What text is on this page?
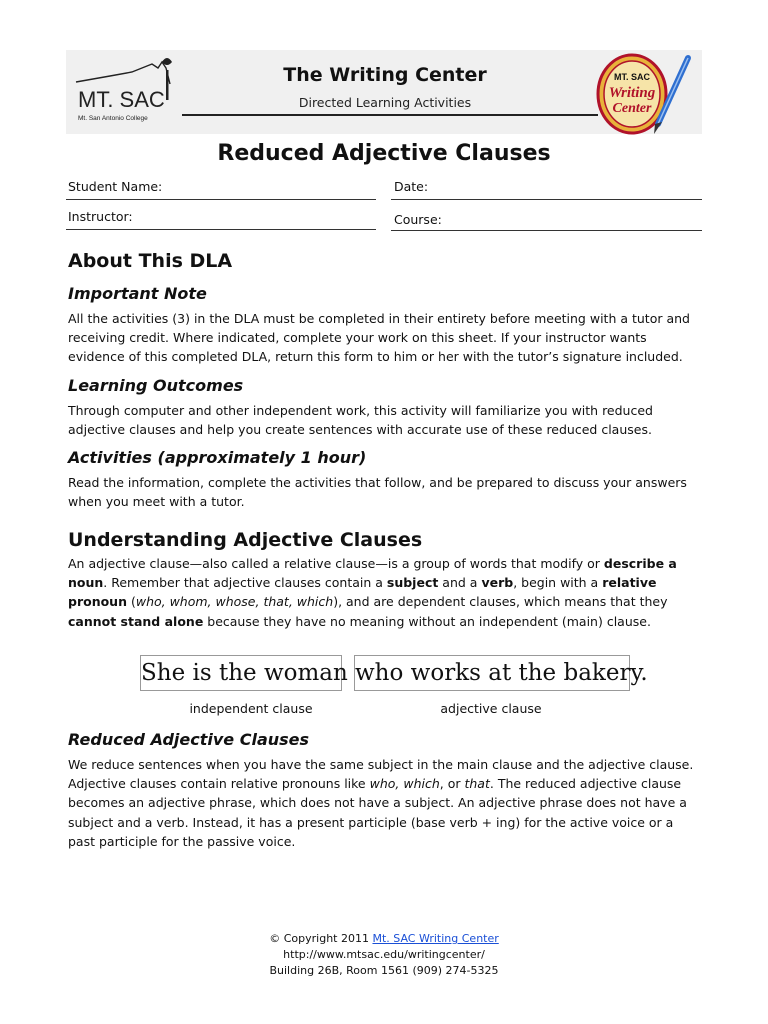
MT. SAC
Mt. San Antonio College
The Writing Center
Directed Learning Activities
MT. SAC
Writing
Center
Reduced Adjective Clauses
Student Name:	Date:
Instructor:	Course:
About This DLA
Important Note

All the activities (3) in the DLA must be completed in their entirety before meeting with a tutor and receiving credit. Where indicated, complete your work on this sheet. If your instructor wants evidence of this completed DLA, return this form to him or her with the tutor’s signature included.

Learning Outcomes

Through computer and other independent work, this activity will familiarize you with reduced adjective clauses and help you create sentences with accurate use of these reduced clauses.

Activities (approximately 1 hour)

Read the information, complete the activities that follow, and be prepared to discuss your answers when you meet with a tutor.

Understanding Adjective Clauses

An adjective clause—also called a relative clause—is a group of words that modify or describe a noun. Remember that adjective clauses contain a subject and a verb, begin with a relative pronoun (who, whom, whose, that, which), and are dependent clauses, which means that they cannot stand alone because they have no meaning without an independent (main) clause.

She is the woman who works at the bakery.
independent clause	adjective clause
Reduced Adjective Clauses

We reduce sentences when you have the same subject in the main clause and the adjective clause. Adjective clauses contain relative pronouns like who, which, or that. The reduced adjective clause becomes an adjective phrase, which does not have a subject. An adjective phrase does not have a subject and a verb. Instead, it has a present participle (base verb + ing) for the active voice or a past participle for the passive voice.

© Copyright 2011 Mt. SAC Writing Center
http://www.mtsac.edu/writingcenter/
Building 26B, Room 1561 (909) 274-5325
